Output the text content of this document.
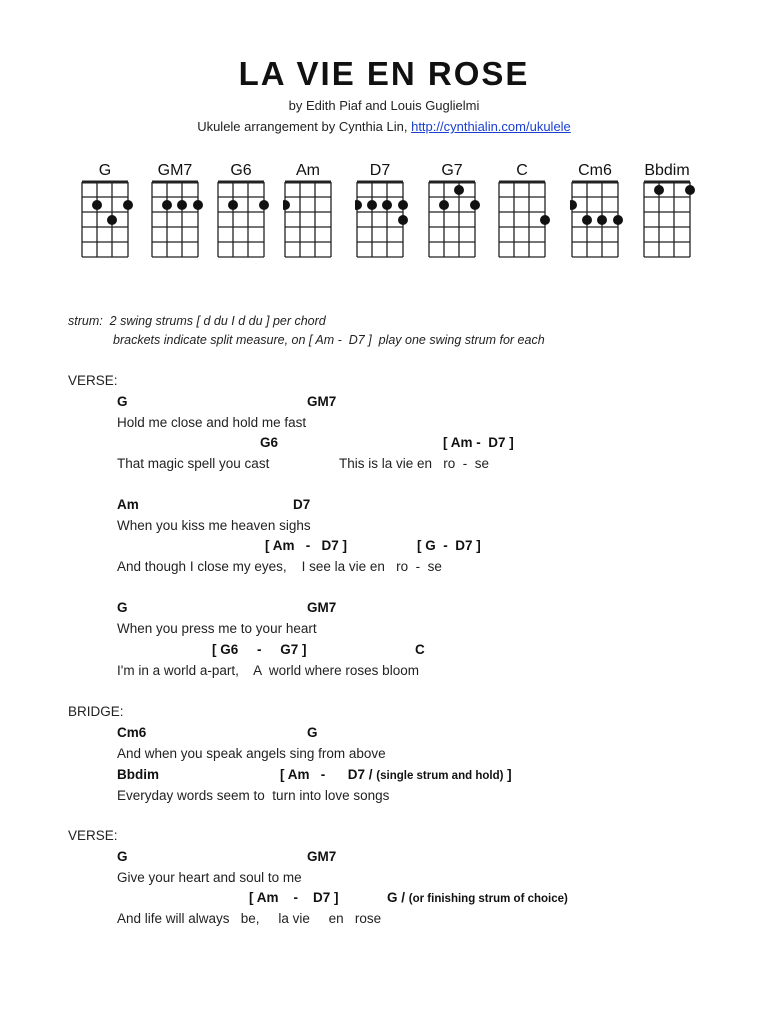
LA VIE EN ROSE
by Edith Piaf and Louis Guglielmi
Ukulele arrangement by Cynthia Lin, http://cynthialin.com/ukulele
G	GM7	G6	Am	D7	G7	C	Cm6	Bbdim
strum:  2 swing strums [ d du I d du ] per chord
brackets indicate split measure, on [ Am -  D7 ]  play one swing strum for each
VERSE:
G	GM7
Hold me close and hold me fast
G6	[ Am -  D7 ]
That magic spell you cast	This is la vie en   ro  -  se
Am	D7
When you kiss me heaven sighs
[ Am   -   D7 ]	[ G  -  D7 ]
And though I close my eyes,    I see la vie en   ro  -  se
G	GM7
When you press me to your heart
[ G6     -     G7 ]	C
I'm in a world a-part,    A  world where roses bloom
BRIDGE:
Cm6	G
And when you speak angels sing from above
Bbdim	[ Am   -      D7 / (single strum and hold) ]
Everyday words seem to  turn into love songs
VERSE:
G	GM7
Give your heart and soul to me
[ Am    -    D7 ]	G / (or finishing strum of choice)
And life will always   be,     la vie     en   rose
